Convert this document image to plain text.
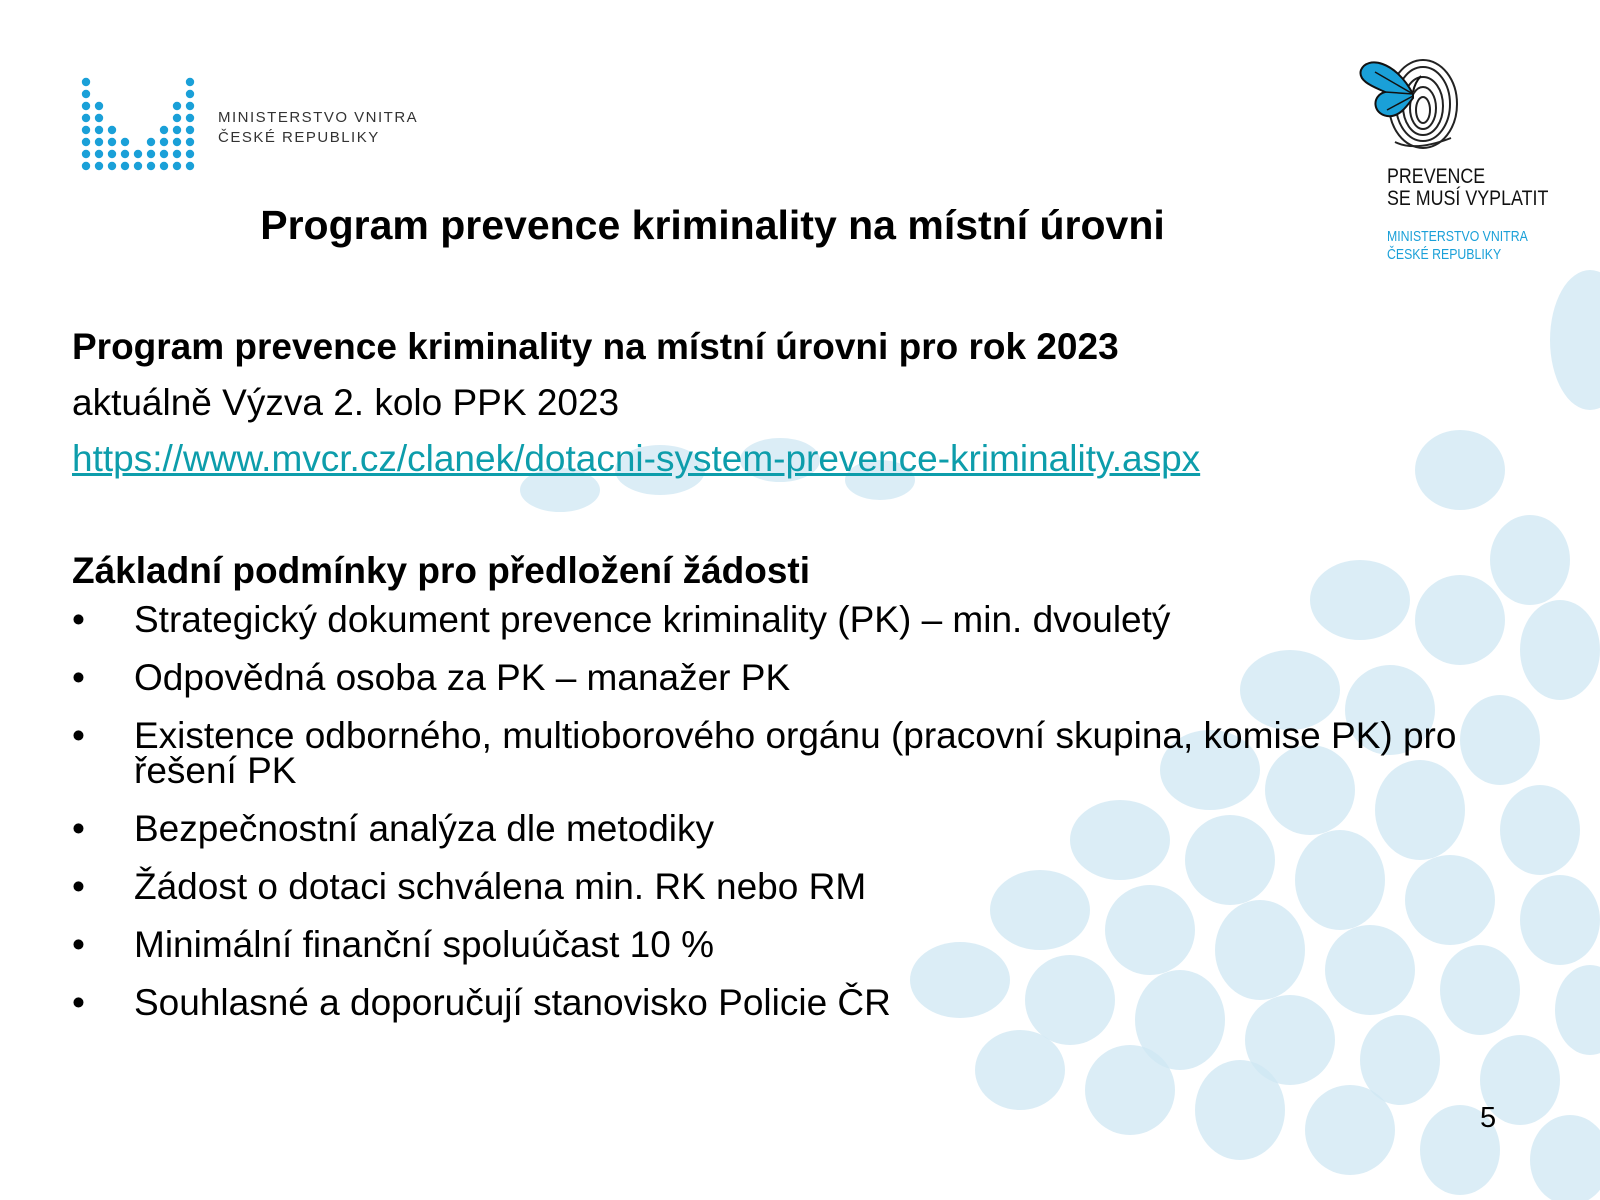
MINISTERSTVO VNITRA
ČESKÉ REPUBLIKY
PREVENCE
SE MUSÍ VYPLATIT
MINISTERSTVO VNITRA
ČESKÉ REPUBLIKY
Program prevence kriminality na místní úrovni
Program prevence kriminality na místní úrovni pro rok 2023
aktuálně Výzva 2. kolo PPK 2023
https://www.mvcr.cz/clanek/dotacni-system-prevence-kriminality.aspx
Základní podmínky pro předložení žádosti
• Strategický dokument prevence kriminality (PK) – min. dvouletý
• Odpovědná osoba za PK – manažer PK
• Existence odborného, multioborového orgánu (pracovní skupina, komise PK) pro řešení PK
• Bezpečnostní analýza dle metodiky
• Žádost o dotaci schválena min. RK nebo RM
• Minimální finanční spoluúčast 10 %
• Souhlasné a doporučují stanovisko Policie ČR
5
